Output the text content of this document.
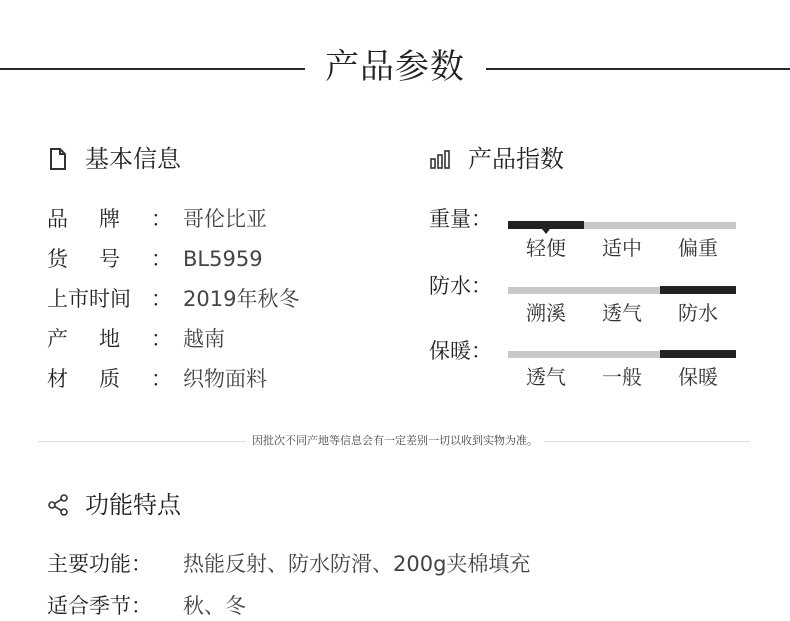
产品参数
基本信息
品 牌 ： 哥伦比亚
货 号 ： BL5959
上市时间 ： 2019年秋冬
产 地 ： 越南
材 质 ： 织物面料
产品指数
重量：
轻便	适中	偏重
防水：
溯溪	透气	防水
保暖：
透气	一般	保暖
因批次不同产地等信息会有一定差别一切以收到实物为准。
功能特点
主要功能： 热能反射、防水防滑、200g夹棉填充
适合季节： 秋、冬
